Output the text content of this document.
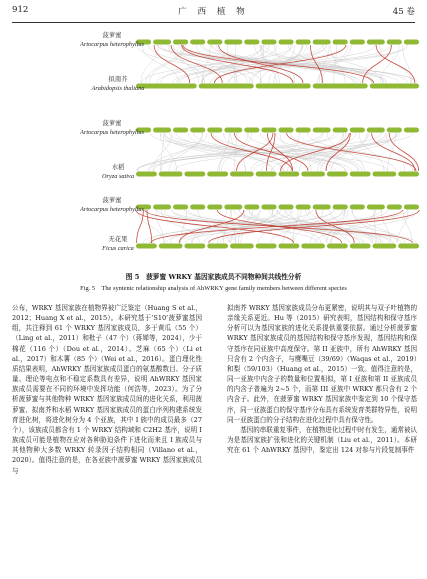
912	广 西 植 物	45 卷
菠萝蜜
Artocarpus heterophyllus
拟南芥
Arabidopsis thaliana
菠萝蜜
Artocarpus heterophyllus
水稻
Oryza sativa
菠萝蜜
Artocarpus heterophyllus
无花果
Ficus carica
图 5　菠萝蜜 WRKY 基因家族成员不同物种间共线性分析
Fig. 5　The syntenic relationship analysis of AhWRKY gene family members between different species

公布，WRKY 基因家族在植物界被广泛鉴定（Huang S et al.，2012；Huang X et al.，2015）。本研究基于‘S10’菠萝蜜基因组，共注释到 61 个 WRKY 基因家族成员，多于黄瓜（55 个）（Ling et al.，2011）和枇子（47 个）（蒋婵等，2024），少于棉花（116 个）（Dou et al.，2014）、芝麻（65 个）（Li et al.，2017）和木薯（85 个）（Wei et al.，2016）。蛋白理化性质结果表明，AhWRKY 基因家族成员蛋白的氨基酸数目、分子质量、理论等电点和不稳定系数具有差异，说明 AhWRKY 基因家族成员需要在不同的环境中发挥功能（何浩等，2023）。为了分析菠萝蜜与其他物种 WRKY 基因家族成员间的进化关系，利用菠萝蜜、拟南芥和水稻 WRKY 基因家族成员的蛋白序列构建系统发育进化树，将进化树分为 4 个亚族，其中 I 族中的成员最多（27 个），该族成员都含有 1 个 WRKY 结构域和 C2H2 基序，说明 I 族成员可能是植物在应对各种胁迫条件下进化而来且 I 族成员与其他物种大多数 WRKY 转录因子结构相同（Villano et al.，2020）。值得注意的是，在各亚族中菠萝蜜 WRKY 基因家族成员与

拟南芥 WRKY 基因家族成员分布更紧密，说明其与双子叶植物的亲缘关系更近。Hu 等（2015）研究表明，基因结构和保守基序分析可以为基因家族的进化关系提供重要依据。通过分析菠萝蜜 WRKY 基因家族成员的基因结构和保守基序发现，基因结构和保守基序在同亚族中高度保守。第 II 亚族中，所有 AhWRKY 基因只含有 2 个内含子，与鹰嘴豆（39/69）（Waqas et al.，2019）和梨（59/103）（Huang et al.，2015）一致。值得注意的是，同一亚族中内含子的数量和位置相似，第 I 亚族和第 II 亚族成员的内含子普遍为 2~5 个，而第 III 亚族中 WRKY 都只含有 2 个内含子。此外，在菠萝蜜 WRKY 基因家族中鉴定到 10 个保守基序，同一亚族蛋白的保守基序分布具有系统发育类群特异性，说明同一亚族蛋白的分子结构在进化过程中具有保守性。

基因的串联重复事件，在植物进化过程中时有发生，通常被认为是基因家族扩张和进化的关键机制（Liu et al.，2011）。本研究在 61 个 AhWRKY 基因中，鉴定出 124 对参与片段复制事件
